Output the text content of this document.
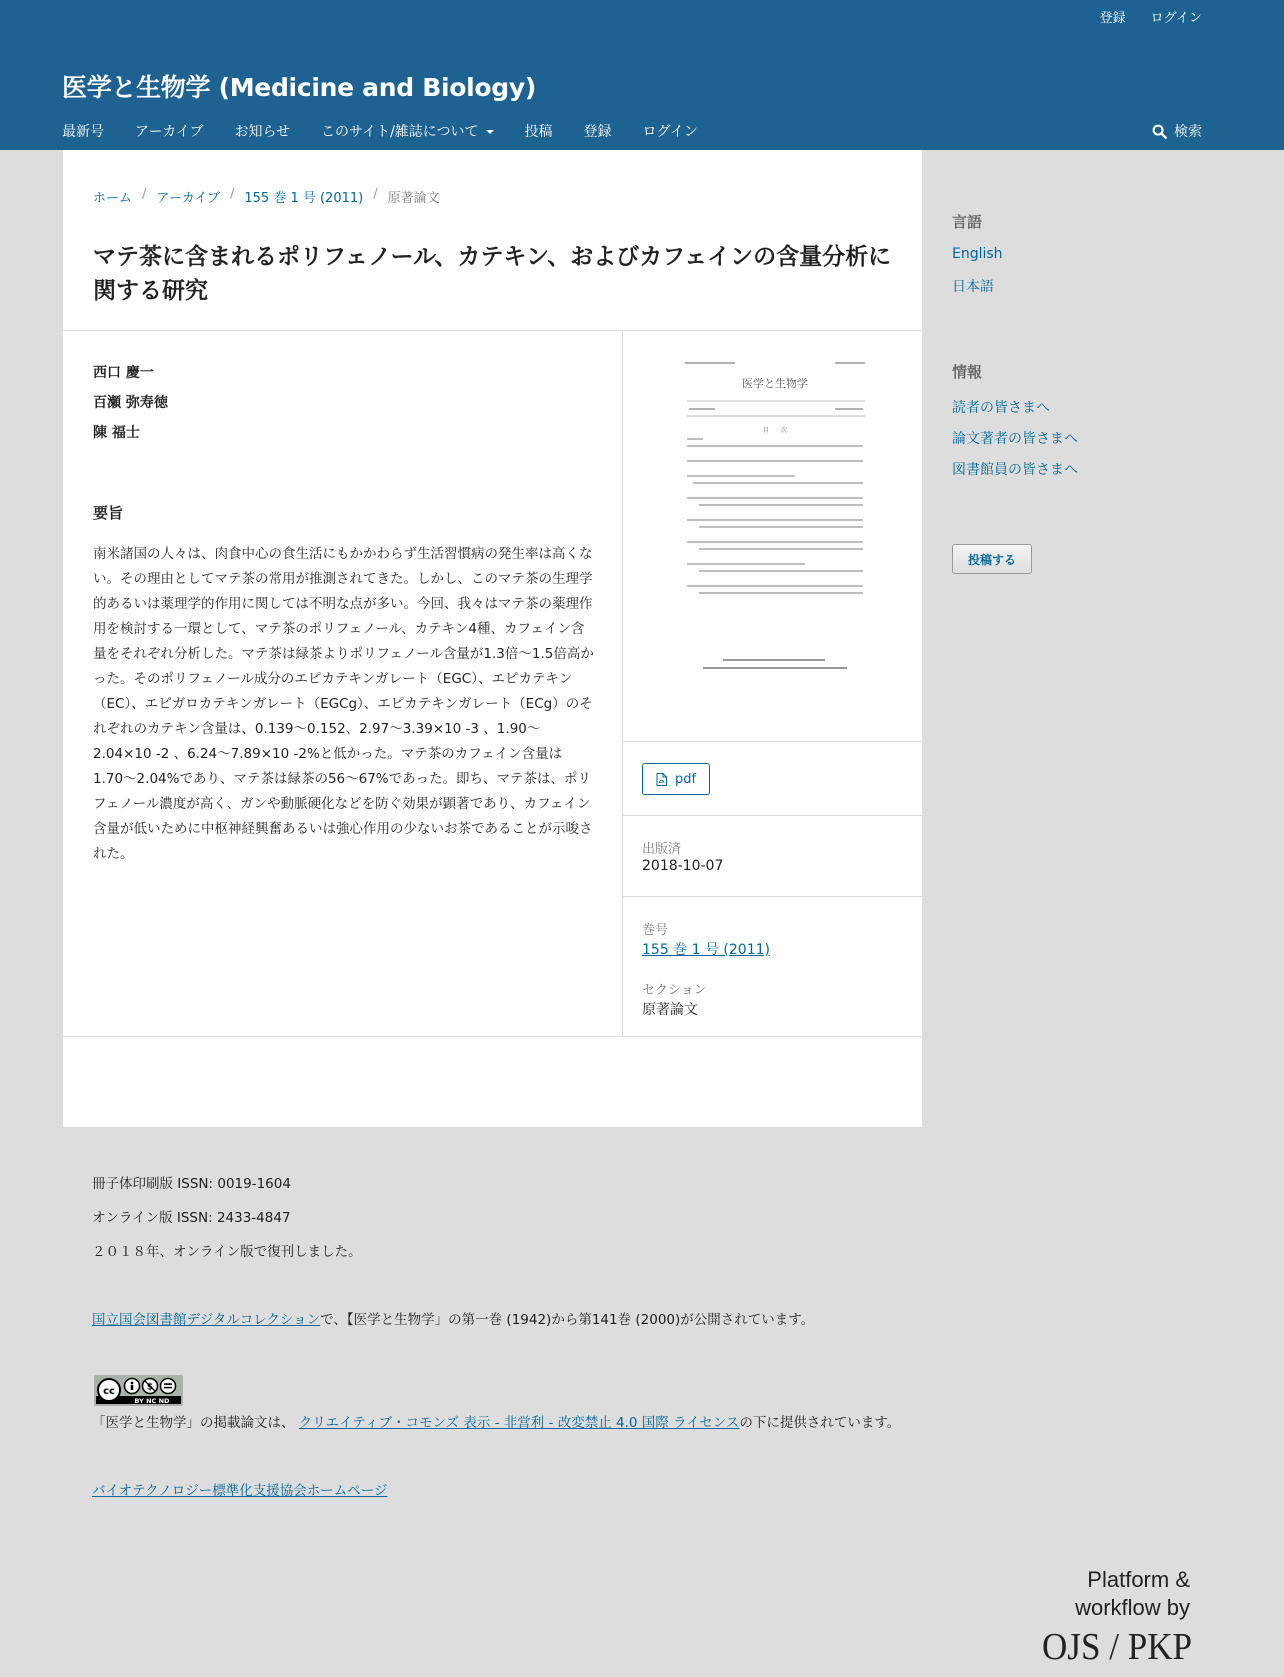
登録 ログイン
医学と生物学 (Medicine and Biology)
最新号 アーカイブ お知らせ このサイト/雑誌について	投稿 登録 ログイン	検索
ホーム / アーカイブ / 155 巻 1 号 (2011) / 原著論文
マテ茶に含まれるポリフェノール、カテキン、およびカフェインの含量分析に関する研究
西口 慶一
百瀬 弥寿徳
陳 福士
要旨

南米諸国の人々は、肉食中心の食生活にもかかわらず生活習慣病の発生率は高くない。その理由としてマテ茶の常用が推測されてきた。しかし、このマテ茶の生理学的あるいは薬理学的作用に関しては不明な点が多い。今回、我々はマテ茶の薬理作用を検討する一環として、マテ茶のポリフェノール、カテキン4種、カフェイン含量をそれぞれ分析した。マテ茶は緑茶よりポリフェノール含量が1.3倍〜1.5倍高かった。そのポリフェノール成分のエピカテキンガレート（EGC）、エピカテキン（EC）、エピガロカテキンガレート（EGCg）、エピカテキンガレート（ECg）のそれぞれのカテキン含量は、0.139〜0.152、2.97〜3.39×10 -3 、1.90〜2.04×10 -2 、6.24〜7.89×10 -2%と低かった。マテ茶のカフェイン含量は1.70〜2.04%であり、マテ茶は緑茶の56〜67%であった。即ち、マテ茶は、ポリフェノール濃度が高く、ガンや動脈硬化などを防ぐ効果が顕著であり、カフェイン含量が低いために中枢神経興奮あるいは強心作用の少ないお茶であることが示唆された。

医学と生物学
目　　次
pdf
出版済
2018-10-07
巻号
155 巻 1 号 (2011)
セクション
原著論文
言語
English
日本語
情報
読者の皆さまへ
論文著者の皆さまへ
図書館員の皆さまへ
投稿する
冊子体印刷版 ISSN: 0019-1604
オンライン版 ISSN: 2433-4847
２０１８年、オンライン版で復刊しました。
国立国会図書館デジタルコレクションで、【医学と生物学」の第一巻 (1942)から第141巻 (2000)が公開されています。
cc	$
BY NC ND
「医学と生物学」の掲載論文は、 クリエイティブ・コモンズ 表示 - 非営利 - 改変禁止 4.0 国際 ライセンスの下に提供されています。
バイオテクノロジー標準化支援協会ホームページ
Platform &
workflow by
OJS / PKP
